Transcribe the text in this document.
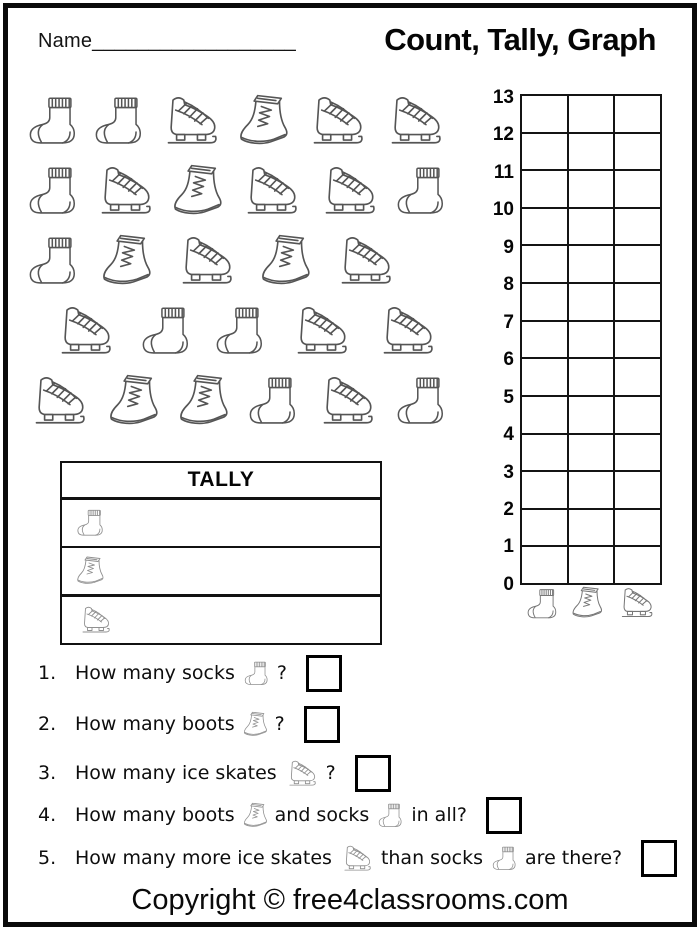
Name__________________	Count, Tally, Graph
13
12
11
10
9
8
7
6
5
4
3
2
1
0
TALLY
1. How many socks ?
2. How many boots ?
3. How many ice skates	?
4. How many boots and socks in all?
5. How many more ice skates	than socks are there?
Copyright © free4classrooms.com
